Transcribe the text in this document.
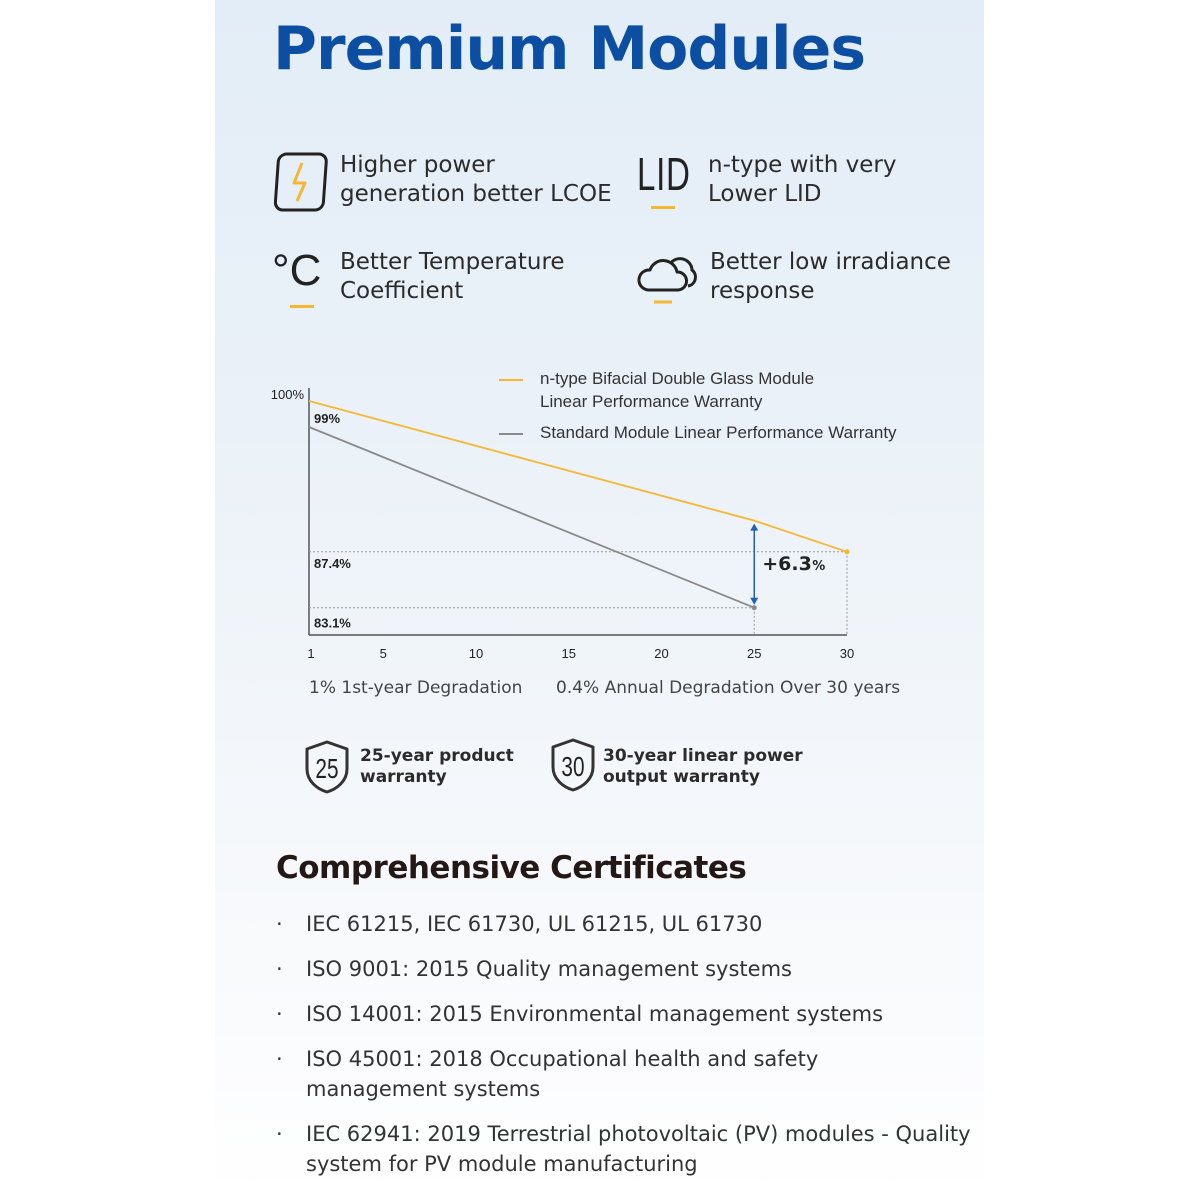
Premium Modules
Higher power
generation better LCOE LID n-type with very
Lower LID
°C Better Temperature
Coefficient
Better low irradiance
response
n-type Bifacial Double Glass Module
Linear Performance Warranty
Standard Module Linear Performance Warranty
100%
1	5	10	15	20	25	30
99%
87.4%
83.1%
+6.3 %
1% 1st-year Degradation 0.4% Annual Degradation Over 30 years
25 25-year product
warranty	30 30-year linear power
output warranty
Comprehensive Certificates
· IEC 61215, IEC 61730, UL 61215, UL 61730
· ISO 9001: 2015 Quality management systems
· ISO 14001: 2015 Environmental management systems
· ISO 45001: 2018 Occupational health and safety
management systems
· IEC 62941: 2019 Terrestrial photovoltaic (PV) modules - Quality
system for PV module manufacturing
